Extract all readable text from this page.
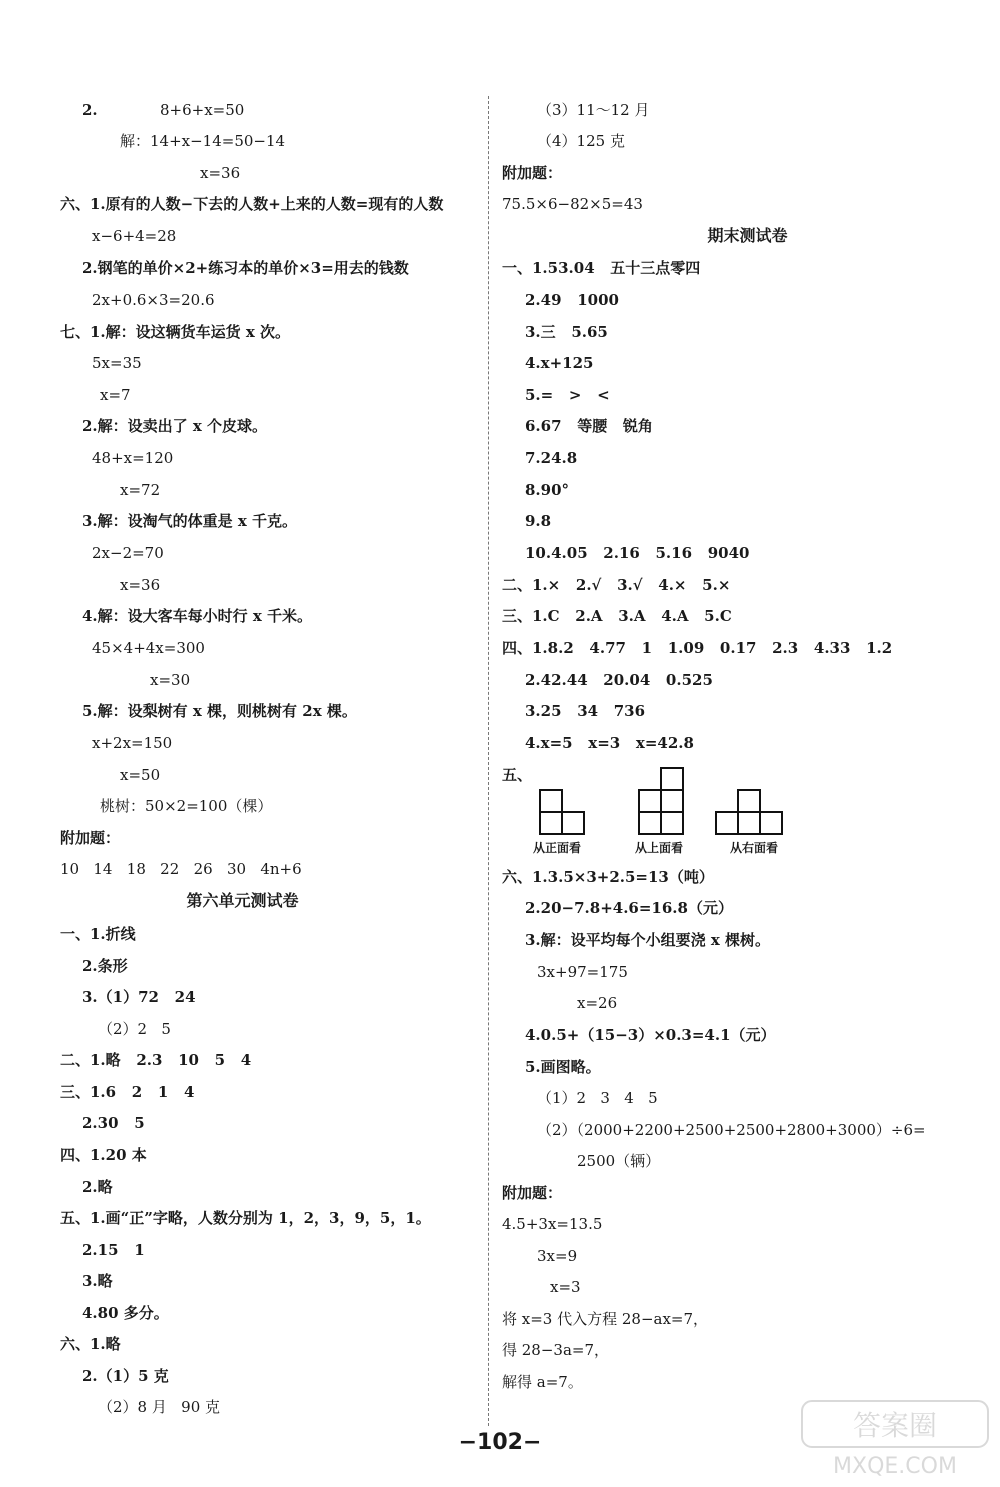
2.	8+6+x=50
解：14+x−14=50−14
x=36
六、1.原有的人数−下去的人数+上来的人数=现有的人数
x−6+4=28
2.钢笔的单价×2+练习本的单价×3=用去的钱数
2x+0.6×3=20.6
七、1.解：设这辆货车运货 x 次。
5x=35
x=7
2.解：设卖出了 x 个皮球。
48+x=120
x=72
3.解：设淘气的体重是 x 千克。
2x−2=70
x=36
4.解：设大客车每小时行 x 千米。
45×4+4x=300
x=30
5.解：设梨树有 x 棵，则桃树有 2x 棵。
x+2x=150
x=50
桃树：50×2=100（棵）
附加题：
10   14   18   22   26   30   4n+6
第六单元测试卷
一、1.折线
2.条形
3.（1）72   24
（2）2   5
二、1.略   2.3   10   5   4
三、1.6   2   1   4
2.30   5
四、1.20 本
2.略
五、1.画“正”字略，人数分别为 1，2，3，9，5，1。
2.15   1
3.略
4.80 多分。
六、1.略
2.（1）5 克
（2）8 月   90 克
从正面看	从上面看	从右面看
（3）11～12 月
（4）125 克
附加题：
75.5×6−82×5=43
期末测试卷
一、1.53.04   五十三点零四
2.49   1000
3.三   5.65
4.x+125
5.=   >   <
6.67   等腰   锐角
7.24.8
8.90°
9.8
10.4.05   2.16   5.16   9040
二、1.×   2.√   3.√   4.×   5.×
三、1.C   2.A   3.A   4.A   5.C
四、1.8.2   4.77   1   1.09   0.17   2.3   4.33   1.2
2.42.44   20.04   0.525
3.25   34   736
4.x=5   x=3   x=42.8
五、
六、1.3.5×3+2.5=13（吨）
2.20−7.8+4.6=16.8（元）
3.解：设平均每个小组要浇 x 棵树。
3x+97=175
x=26
4.0.5+（15−3）×0.3=4.1（元）
5.画图略。
（1）2   3   4   5
（2）（2000+2200+2500+2500+2800+3000）÷6=
2500（辆）
附加题：
4.5+3x=13.5
3x=9
x=3
将 x=3 代入方程 28−ax=7，
得 28−3a=7，
解得 a=7。
−102−
答案圈
MXQE.COM
